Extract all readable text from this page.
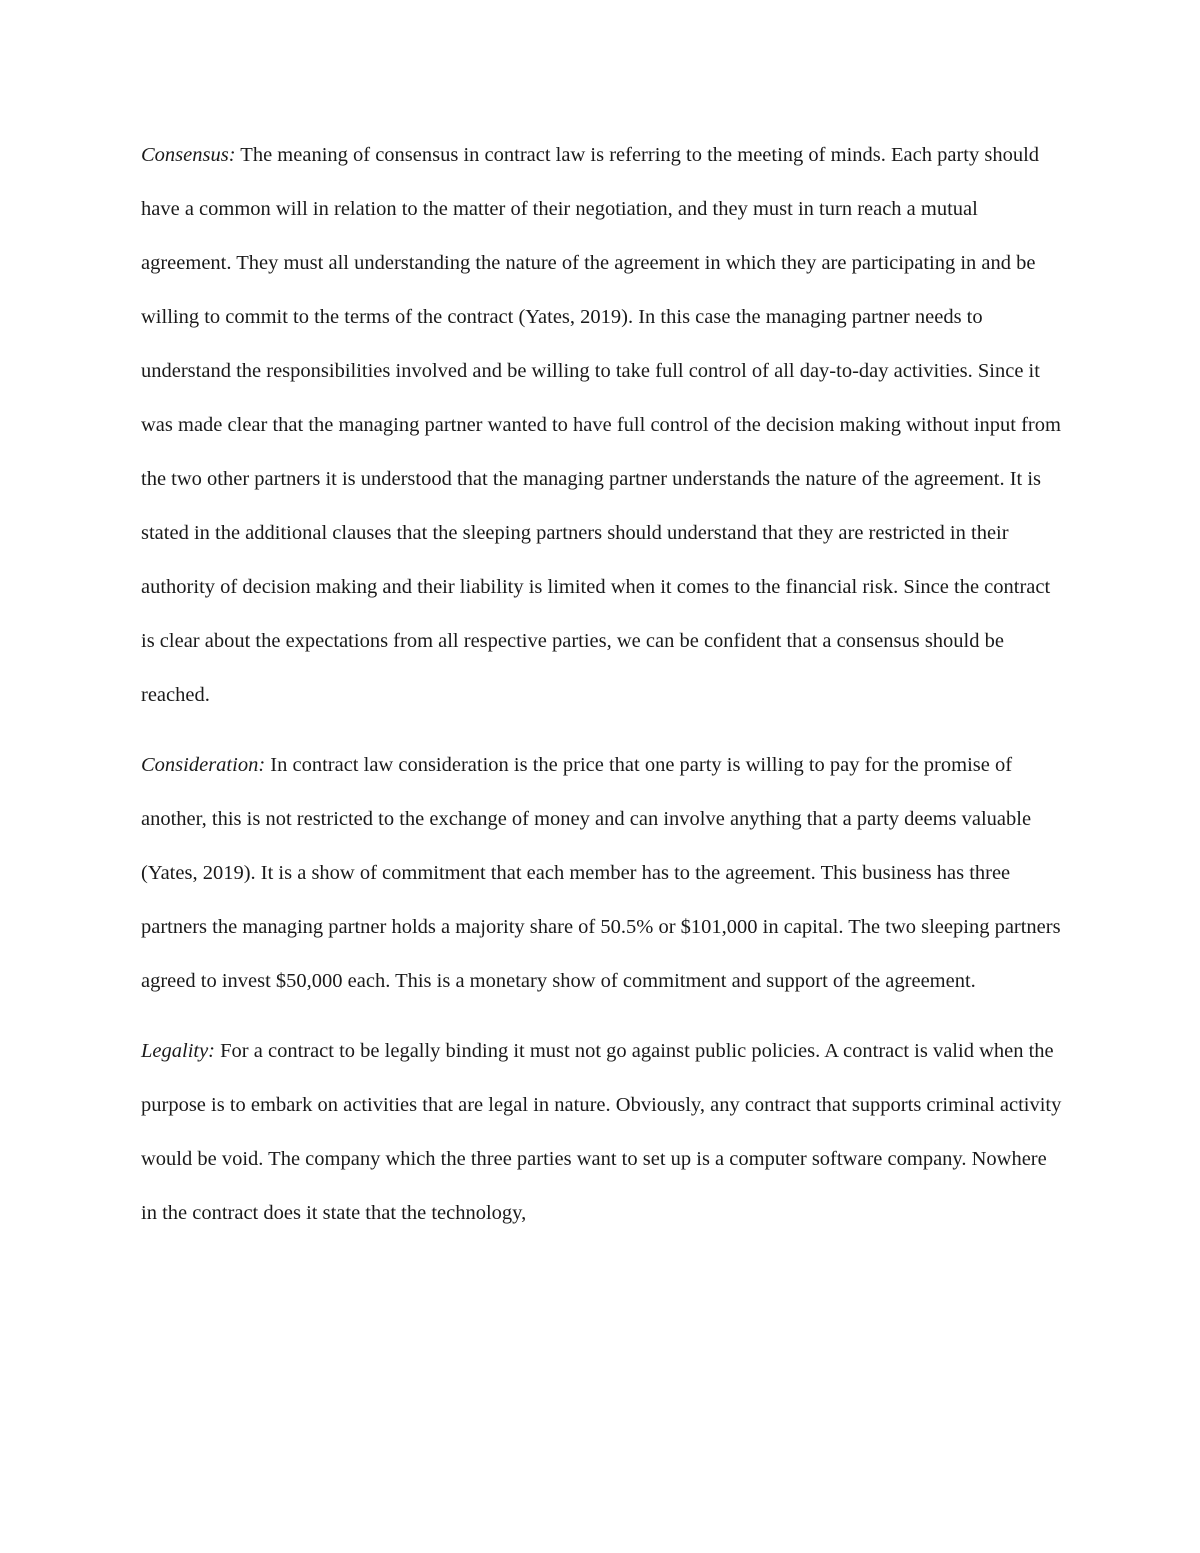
Consensus: The meaning of consensus in contract law is referring to the meeting of minds. Each party should have a common will in relation to the matter of their negotiation, and they must in turn reach a mutual agreement. They must all understanding the nature of the agreement in which they are participating in and be willing to commit to the terms of the contract (Yates, 2019). In this case the managing partner needs to understand the responsibilities involved and be willing to take full control of all day-to-day activities. Since it was made clear that the managing partner wanted to have full control of the decision making without input from the two other partners it is understood that the managing partner understands the nature of the agreement. It is stated in the additional clauses that the sleeping partners should understand that they are restricted in their authority of decision making and their liability is limited when it comes to the financial risk. Since the contract is clear about the expectations from all respective parties, we can be confident that a consensus should be reached.

Consideration: In contract law consideration is the price that one party is willing to pay for the promise of another, this is not restricted to the exchange of money and can involve anything that a party deems valuable (Yates, 2019). It is a show of commitment that each member has to the agreement. This business has three partners the managing partner holds a majority share of 50.5% or $101,000 in capital. The two sleeping partners agreed to invest $50,000 each. This is a monetary show of commitment and support of the agreement.

Legality: For a contract to be legally binding it must not go against public policies. A contract is valid when the purpose is to embark on activities that are legal in nature. Obviously, any contract that supports criminal activity would be void. The company which the three parties want to set up is a computer software company. Nowhere in the contract does it state that the technology,
